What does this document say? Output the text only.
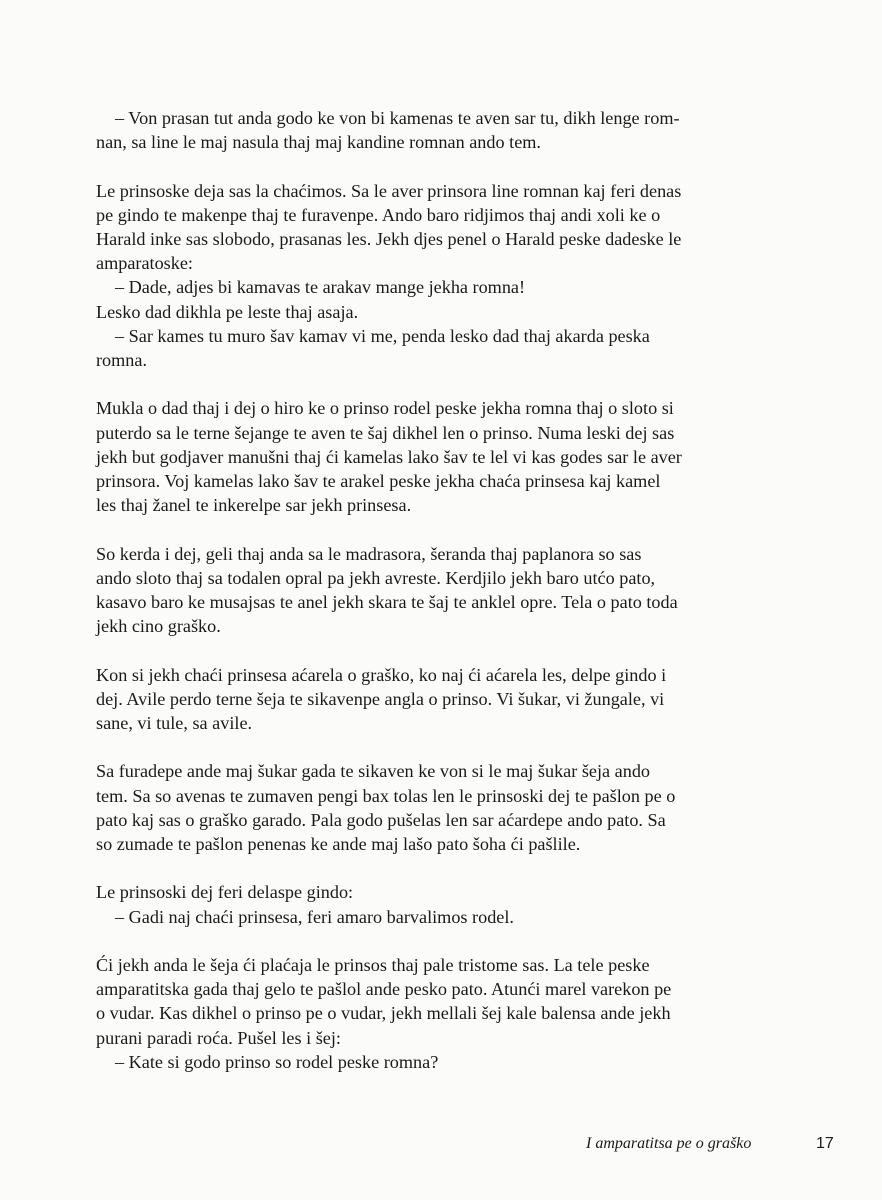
– Von prasan tut anda godo ke von bi kamenas te aven sar tu, dikh lenge rom-
nan, sa line le maj nasula thaj maj kandine romnan ando tem.
Le prinsoske deja sas la chaćimos. Sa le aver prinsora line romnan kaj feri denas
pe gindo te makenpe thaj te furavenpe. Ando baro ridjimos thaj andi xoli ke o
Harald inke sas slobodo, prasanas les. Jekh djes penel o Harald peske dadeske le
amparatoske:
– Dade, adjes bi kamavas te arakav mange jekha romna!
Lesko dad dikhla pe leste thaj asaja.
– Sar kames tu muro šav kamav vi me, penda lesko dad thaj akarda peska
romna.
Mukla o dad thaj i dej o hiro ke o prinso rodel peske jekha romna thaj o sloto si
puterdo sa le terne šejange te aven te šaj dikhel len o prinso. Numa leski dej sas
jekh but godjaver manušni thaj ći kamelas lako šav te lel vi kas godes sar le aver
prinsora. Voj kamelas lako šav te arakel peske jekha chaća prinsesa kaj kamel
les thaj žanel te inkerelpe sar jekh prinsesa.
So kerda i dej, geli thaj anda sa le madrasora, šeranda thaj paplanora so sas
ando sloto thaj sa todalen opral pa jekh avreste. Kerdjilo jekh baro utćo pato,
kasavo baro ke musajsas te anel jekh skara te šaj te anklel opre. Tela o pato toda
jekh cino graško.
Kon si jekh chaći prinsesa aćarela o graško, ko naj ći aćarela les, delpe gindo i
dej. Avile perdo terne šeja te sikavenpe angla o prinso. Vi šukar, vi žungale, vi
sane, vi tule, sa avile.
Sa furadepe ande maj šukar gada te sikaven ke von si le maj šukar šeja ando
tem. Sa so avenas te zumaven pengi bax tolas len le prinsoski dej te pašlon pe o
pato kaj sas o graško garado. Pala godo pušelas len sar aćardepe ando pato. Sa
so zumade te pašlon penenas ke ande maj lašo pato šoha ći pašlile.
Le prinsoski dej feri delaspe gindo:
– Gadi naj chaći prinsesa, feri amaro barvalimos rodel.
Ći jekh anda le šeja ći plaćaja le prinsos thaj pale tristome sas. La tele peske
amparatitska gada thaj gelo te pašlol ande pesko pato. Atunći marel varekon pe
o vudar. Kas dikhel o prinso pe o vudar, jekh mellali šej kale balensa ande jekh
purani paradi roća. Pušel les i šej:
– Kate si godo prinso so rodel peske romna?
I amparatitsa pe o graško	17
